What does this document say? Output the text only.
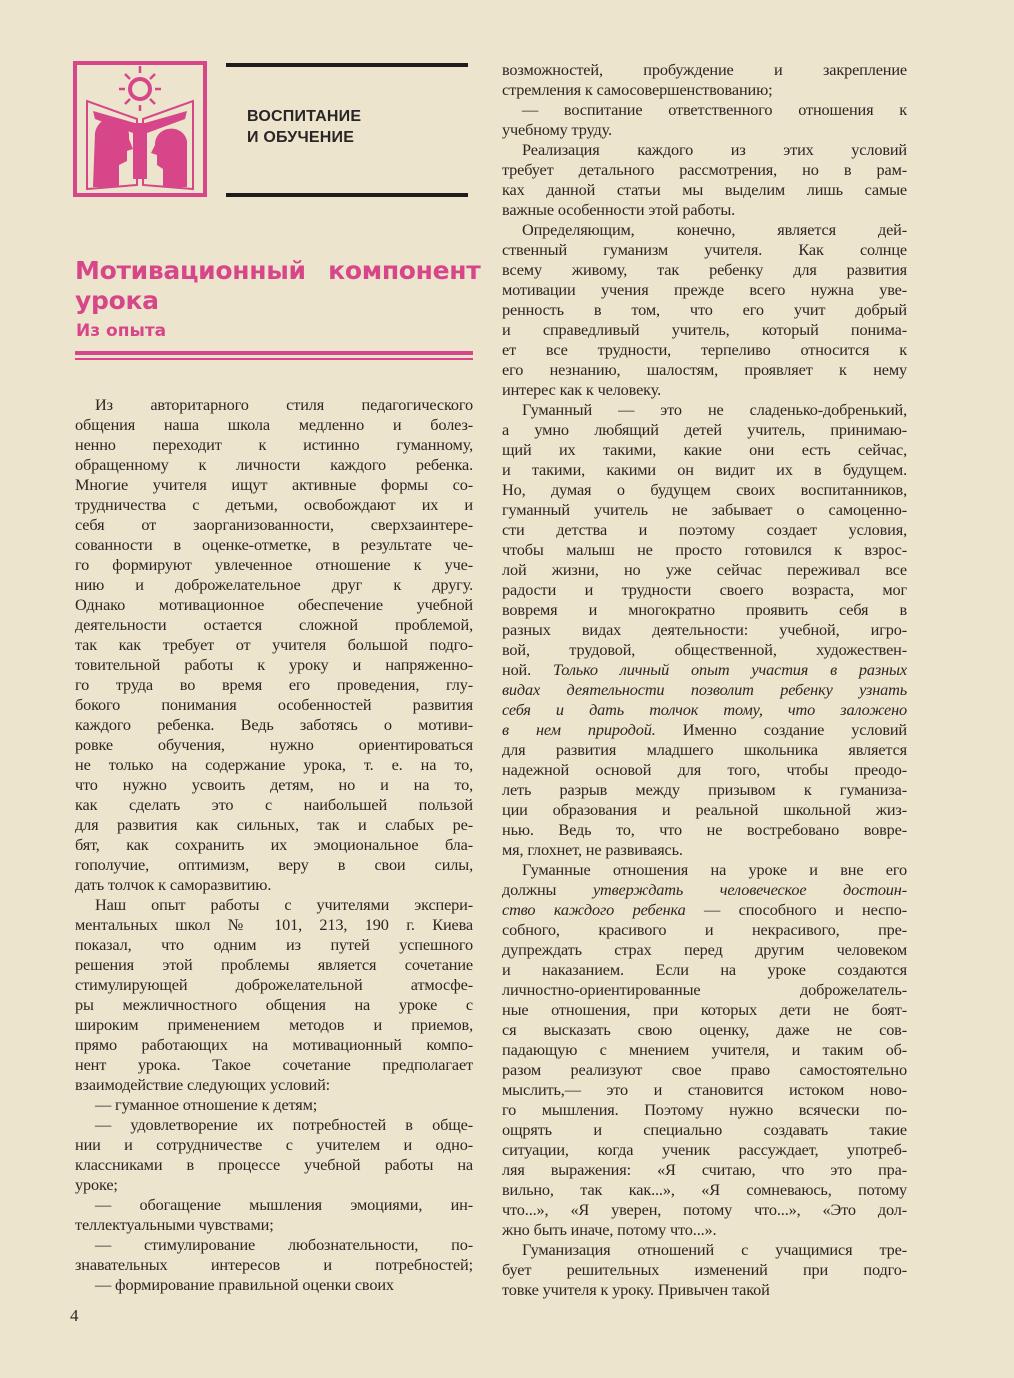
ВОСПИТАНИЕ
И ОБУЧЕНИЕ
Мотивационный компонент
урока
Из опыта
Из авторитарного стиля педагогического
общения наша школа медленно и болез-
ненно переходит к истинно гуманному,
обращенному к личности каждого ребенка.
Многие учителя ищут активные формы со-
трудничества с детьми, освобождают их и
себя от заорганизованности, сверхзаинтере-
сованности в оценке-отметке, в результате че-
го формируют увлеченное отношение к уче-
нию и доброжелательное друг к другу.
Однако мотивационное обеспечение учебной
деятельности остается сложной проблемой,
так как требует от учителя большой подго-
товительной работы к уроку и напряженно-
го труда во время его проведения, глу-
бокого понимания особенностей развития
каждого ребенка. Ведь заботясь о мотиви-
ровке обучения, нужно ориентироваться
не только на содержание урока, т. е. на то,
что нужно усвоить детям, но и на то,
как сделать это с наибольшей пользой
для развития как сильных, так и слабых ре-
бят, как сохранить их эмоциональное бла-
гополучие, оптимизм, веру в свои силы,
дать толчок к саморазвитию.
Наш опыт работы с учителями экспери-
ментальных школ № 101, 213, 190 г. Киева
показал, что одним из путей успешного
решения этой проблемы является сочетание
стимулирующей доброжелательной атмосфе-
ры межличностного общения на уроке с
широким применением методов и приемов,
прямо работающих на мотивационный компо-
нент урока. Такое сочетание предполагает
взаимодействие следующих условий:
— гуманное отношение к детям;
— удовлетворение их потребностей в обще-
нии и сотрудничестве с учителем и одно-
классниками в процессе учебной работы на
уроке;
— обогащение мышления эмоциями, ин-
теллектуальными чувствами;
— стимулирование любознательности, по-
знавательных интересов и потребностей;
— формирование правильной оценки своих
возможностей, пробуждение и закрепление
стремления к самосовершенствованию;
— воспитание ответственного отношения к
учебному труду.
Реализация каждого из этих условий
требует детального рассмотрения, но в рам-
ках данной статьи мы выделим лишь самые
важные особенности этой работы.
Определяющим, конечно, является дей-
ственный гуманизм учителя. Как солнце
всему живому, так ребенку для развития
мотивации учения прежде всего нужна уве-
ренность в том, что его учит добрый
и справедливый учитель, который понима-
ет все трудности, терпеливо относится к
его незнанию, шалостям, проявляет к нему
интерес как к человеку.
Гуманный — это не сладенько-добренький,
а умно любящий детей учитель, принимаю-
щий их такими, какие они есть сейчас,
и такими, какими он видит их в будущем.
Но, думая о будущем своих воспитанников,
гуманный учитель не забывает о самоценно-
сти детства и поэтому создает условия,
чтобы малыш не просто готовился к взрос-
лой жизни, но уже сейчас переживал все
радости и трудности своего возраста, мог
вовремя и многократно проявить себя в
разных видах деятельности: учебной, игро-
вой, трудовой, общественной, художествен-
ной. Только личный опыт участия в разных
видах деятельности позволит ребенку узнать
себя и дать толчок тому, что заложено
в нем природой. Именно создание условий
для развития младшего школьника является
надежной основой для того, чтобы преодо-
леть разрыв между призывом к гуманиза-
ции образования и реальной школьной жиз-
нью. Ведь то, что не востребовано вовре-
мя, глохнет, не развиваясь.
Гуманные отношения на уроке и вне его
должны утверждать человеческое достоин-
ство каждого ребенка — способного и неспо-
собного, красивого и некрасивого, пре-
дупреждать страх перед другим человеком
и наказанием. Если на уроке создаются
личностно-ориентированные доброжелатель-
ные отношения, при которых дети не боят-
ся высказать свою оценку, даже не сов-
падающую с мнением учителя, и таким об-
разом реализуют свое право самостоятельно
мыслить,— это и становится истоком ново-
го мышления. Поэтому нужно всячески по-
ощрять и специально создавать такие
ситуации, когда ученик рассуждает, употреб-
ляя выражения: «Я считаю, что это пра-
вильно, так как...», «Я сомневаюсь, потому
что...», «Я уверен, потому что...», «Это дол-
жно быть иначе, потому что...».
Гуманизация отношений с учащимися тре-
бует решительных изменений при подго-
товке учителя к уроку. Привычен такой
4
